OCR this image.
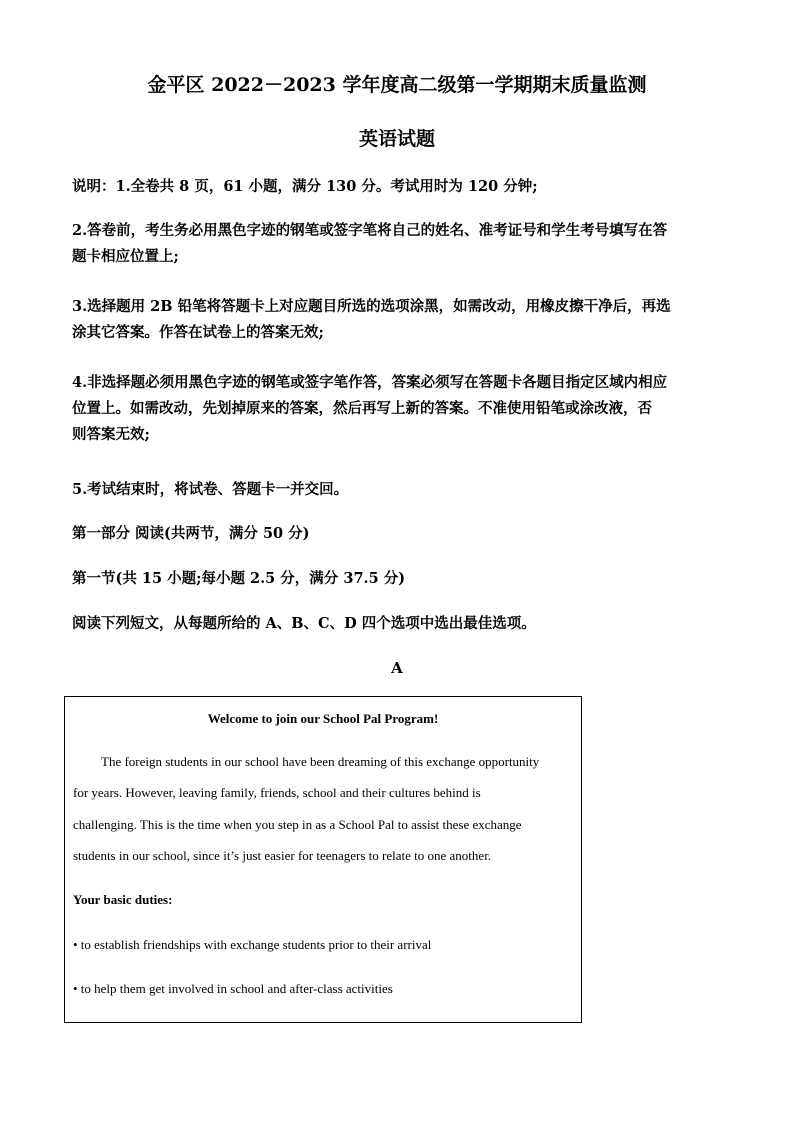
金平区 2022－2023 学年度高二级第一学期期末质量监测
英语试题
说明：1.全卷共 8 页，61 小题，满分 130 分。考试用时为 120 分钟;
2.答卷前，考生务必用黑色字迹的钢笔或签字笔将自己的姓名、准考证号和学生考号填写在答
题卡相应位置上;
3.选择题用 2B 铅笔将答题卡上对应题目所选的选项涂黑，如需改动，用橡皮擦干净后，再选
涂其它答案。作答在试卷上的答案无效;
4.非选择题必须用黑色字迹的钢笔或签字笔作答，答案必须写在答题卡各题目指定区域内相应
位置上。如需改动，先划掉原来的答案，然后再写上新的答案。不准使用铅笔或涂改液，否
则答案无效;
5.考试结束时，将试卷、答题卡一并交回。
第一部分 阅读(共两节，满分 50 分)
第一节(共 15 小题;每小题 2.5 分，满分 37.5 分)
阅读下列短文，从每题所给的 A、B、C、D 四个选项中选出最佳选项。
A
Welcome to join our School Pal Program!
The foreign students in our school have been dreaming of this exchange opportunity
for years. However, leaving family, friends, school and their cultures behind is
challenging. This is the time when you step in as a School Pal to assist these exchange
students in our school, since it’s just easier for teenagers to relate to one another.
Your basic duties:
• to establish friendships with exchange students prior to their arrival
• to help them get involved in school and after-class activities
